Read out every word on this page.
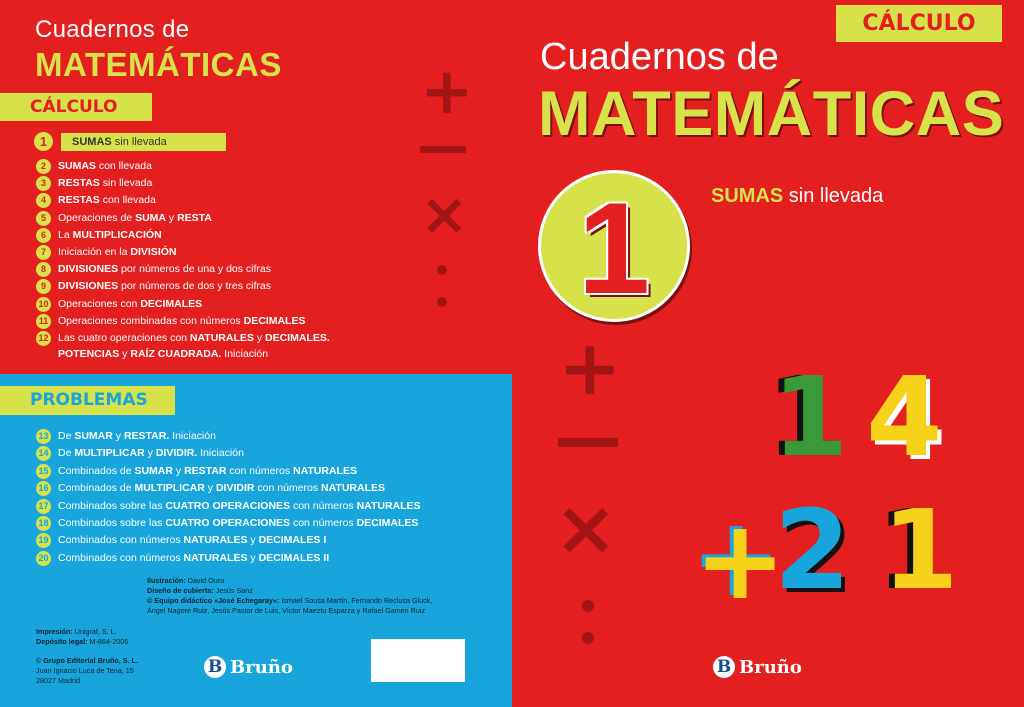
Cuadernos de
MATEMÁTICAS
CÁLCULO
1	SUMAS sin llevada
2	SUMAS con llevada
3	RESTAS sin llevada
4	RESTAS con llevada
5	Operaciones de SUMA y RESTA
6	La MULTIPLICACIÓN
7	Iniciación en la DIVISIÓN
8	DIVISIONES por números de una y dos cifras
9	DIVISIONES por números de dos y tres cifras
10 Operaciones con DECIMALES
11 Operaciones combinadas con números DECIMALES
12 Las cuatro operaciones con NATURALES y DECIMALES.
POTENCIAS y RAÍZ CUADRADA. Iniciación
PROBLEMAS
13 De SUMAR y RESTAR. Iniciación
14 De MULTIPLICAR y DIVIDIR. Iniciación
15 Combinados de SUMAR y RESTAR con números NATURALES
16 Combinados de MULTIPLICAR y DIVIDIR con números NATURALES
17 Combinados sobre las CUATRO OPERACIONES con números NATURALES
18 Combinados sobre las CUATRO OPERACIONES con números DECIMALES
19 Combinados con números NATURALES y DECIMALES I
20 Combinados con números NATURALES y DECIMALES II
Ilustración: David Ouro
Diseño de cubierta: Jesús Sanz
© Equipo didáctico «José Echegaray»: Ismael Sousa Martín, Fernando Reclusa Gluck,
Ángel Nagore Ruiz, Jesús Pastor de Luis, Víctor Maeztu Esparza y Rafael Gamen Ruiz
Impresión: Unigraf, S. L.
Depósito legal: M-864-2006
© Grupo Editorial Bruño, S. L.
Juan Ignacio Luca de Tena, 15
28027 Madrid
B Bruño
+
×
+
×
CÁLCULO
Cuadernos de
MATEMÁTICAS
1	SUMAS sin llevada
1 4
+
2 1
B Bruño
